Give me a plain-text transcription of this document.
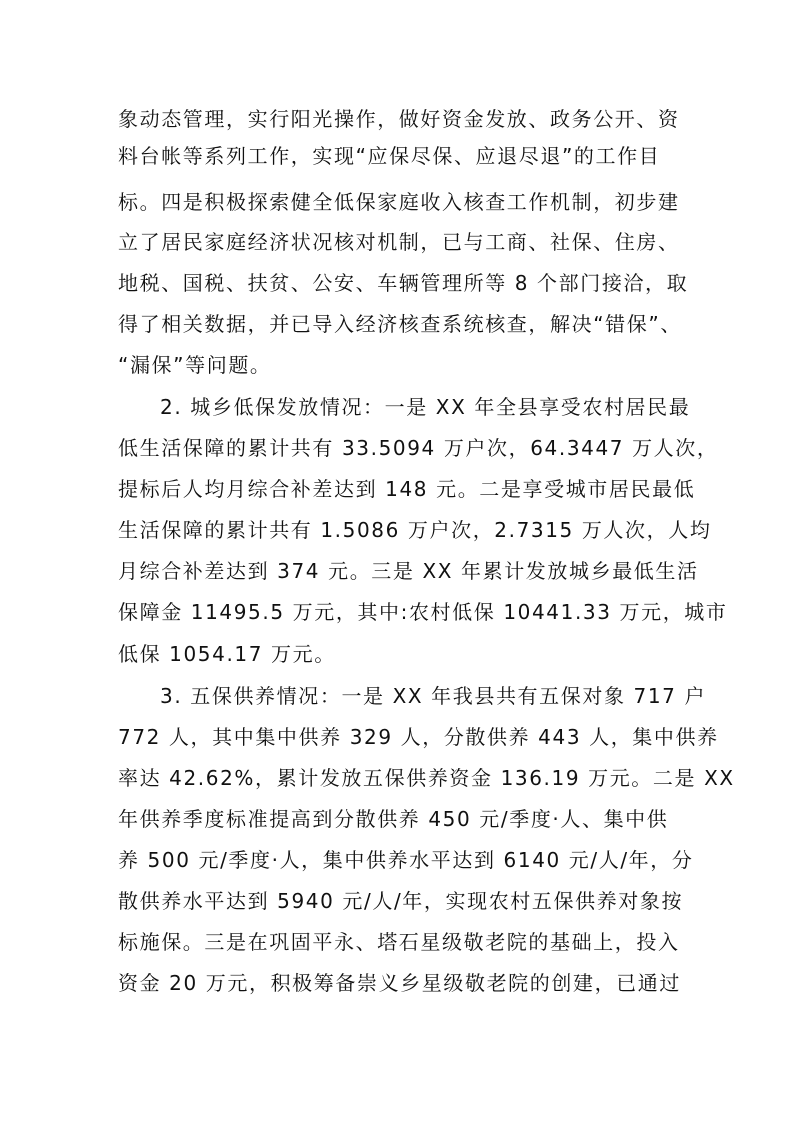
象动态管理，实行阳光操作，做好资金发放、政务公开、资
料台帐等系列工作，实现“应保尽保、应退尽退”的工作目
标。四是积极探索健全低保家庭收入核查工作机制，初步建
立了居民家庭经济状况核对机制，已与工商、社保、住房、
地税、国税、扶贫、公安、车辆管理所等 8 个部门接洽，取
得了相关数据，并已导入经济核查系统核查，解决“错保”、
“漏保”等问题。
2. 城乡低保发放情况：一是 XX 年全县享受农村居民最
低生活保障的累计共有 33.5094 万户次，64.3447 万人次，
提标后人均月综合补差达到 148 元。二是享受城市居民最低
生活保障的累计共有 1.5086 万户次，2.7315 万人次，人均
月综合补差达到 374 元。三是 XX 年累计发放城乡最低生活
保障金 11495.5 万元，其中:农村低保 10441.33 万元，城市
低保 1054.17 万元。
3. 五保供养情况：一是 XX 年我县共有五保对象 717 户
772 人，其中集中供养 329 人，分散供养 443 人，集中供养
率达 42.62%，累计发放五保供养资金 136.19 万元。二是 XX
年供养季度标准提高到分散供养 450 元/季度·人、集中供
养 500 元/季度·人，集中供养水平达到 6140 元/人/年，分
散供养水平达到 5940 元/人/年，实现农村五保供养对象按
标施保。三是在巩固平永、塔石星级敬老院的基础上，投入
资金 20 万元，积极筹备崇义乡星级敬老院的创建，已通过
